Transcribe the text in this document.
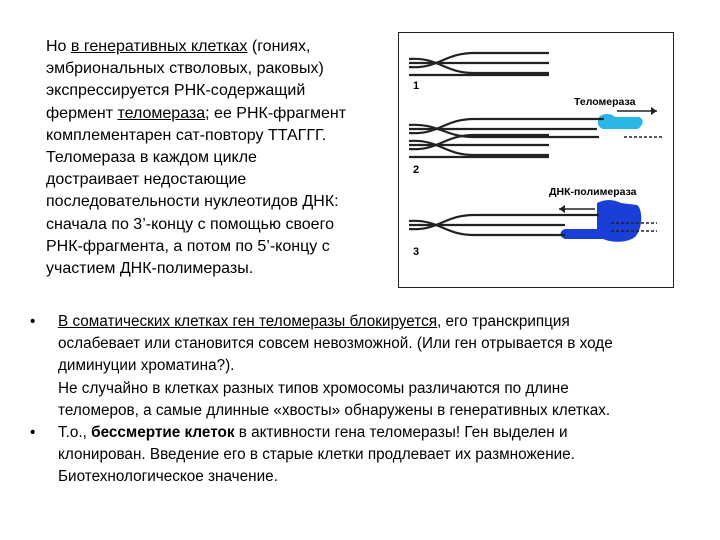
Но в генеративных клетках (гониях,
эмбриональных стволовых, раковых)
экспрессируется РНК-содержащий
фермент теломераза; ее РНК-фрагмент
комплементарен сат-повтору ТТАГГГ.
Теломераза в каждом цикле
достраивает недостающие
последовательности нуклеотидов ДНК:
сначала по 3’-концу с помощью своего
РНК-фрагмента, а потом по 5’-концу с
участием ДНК-полимеразы.
1
Теломераза
2
ДНК-полимераза
3
• В соматических клетках ген теломеразы блокируется, его транскрипция
ослабевает или становится совсем невозможной. (Или ген отрывается в ходе
диминуции хроматина?).
Не случайно в клетках разных типов хромосомы различаются по длине
теломеров, а самые длинные «хвосты» обнаружены в генеративных клетках.
• Т.о., бессмертие клеток в активности гена теломеразы! Ген выделен и
клонирован. Введение его в старые клетки продлевает их размножение.
Биотехнологическое значение.
